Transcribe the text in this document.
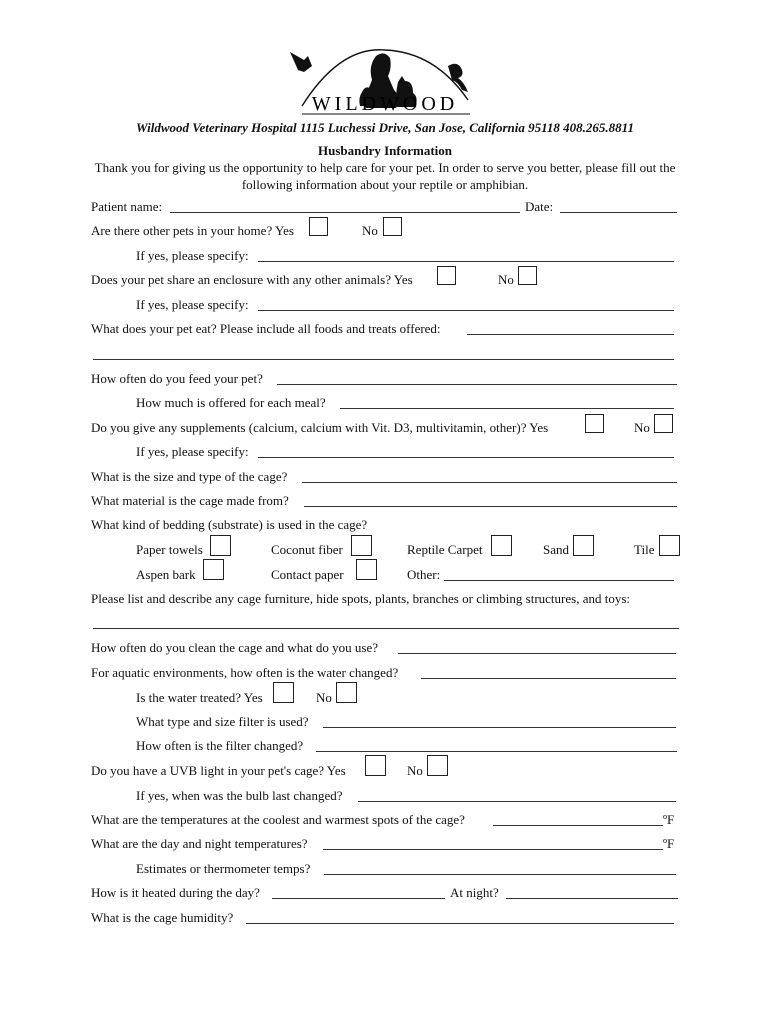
WILDWOOD
Wildwood Veterinary Hospital 1115 Luchessi Drive, San Jose, California 95118 408.265.8811
Husbandry Information
Thank you for giving us the opportunity to help care for your pet. In order to serve you better, please fill out the
following information about your reptile or amphibian.
Patient name:	Date:
Are there other pets in your home? Yes	No
If yes, please specify:
Does your pet share an enclosure with any other animals? Yes	No
If yes, please specify:
What does your pet eat? Please include all foods and treats offered:
How often do you feed your pet?
How much is offered for each meal?
Do you give any supplements (calcium, calcium with Vit. D3, multivitamin, other)? Yes	No
If yes, please specify:
What is the size and type of the cage?
What material is the cage made from?
What kind of bedding (substrate) is used in the cage?
Paper towels	Coconut fiber	Reptile Carpet	Sand	Tile
Aspen bark	Contact paper	Other:
Please list and describe any cage furniture, hide spots, plants, branches or climbing structures, and toys:
How often do you clean the cage and what do you use?
For aquatic environments, how often is the water changed?
Is the water treated? Yes	No
What type and size filter is used?
How often is the filter changed?
Do you have a UVB light in your pet's cage? Yes	No
If yes, when was the bulb last changed?
What are the temperatures at the coolest and warmest spots of the cage?	ºF
What are the day and night temperatures?	ºF
Estimates or thermometer temps?
How is it heated during the day?	At night?
What is the cage humidity?
